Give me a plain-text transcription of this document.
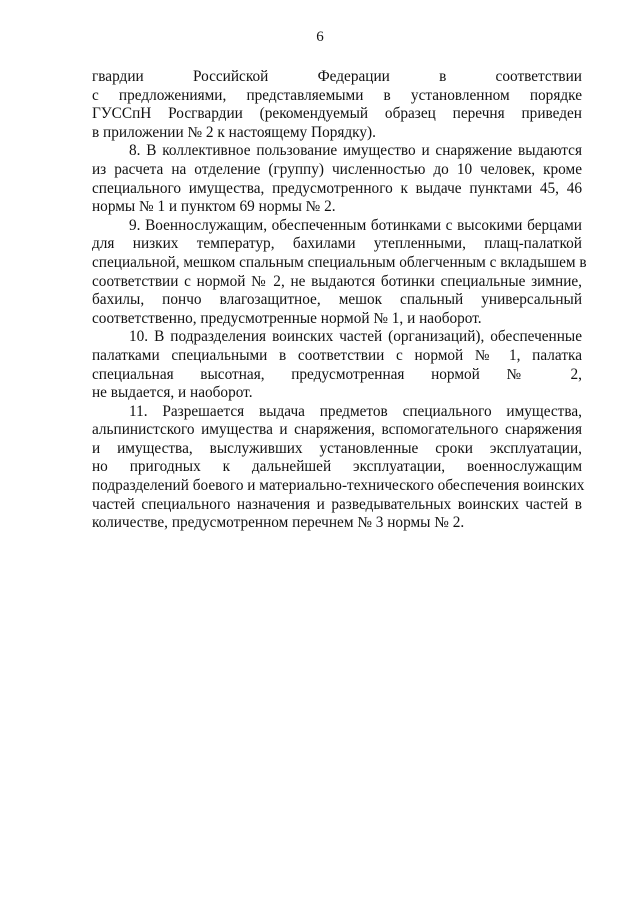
6
гвардии Российской Федерации в соответствии
с предложениями, представляемыми в установленном порядке
ГУССпН Росгвардии (рекомендуемый образец перечня приведен
в приложении № 2 к настоящему Порядку).
8. В коллективное пользование имущество и снаряжение выдаются
из расчета на отделение (группу) численностью до 10 человек, кроме
специального имущества, предусмотренного к выдаче пунктами 45, 46
нормы № 1 и пунктом 69 нормы № 2.
9. Военнослужащим, обеспеченным ботинками с высокими берцами
для низких температур, бахилами утепленными, плащ-палаткой
специальной, мешком спальным специальным облегченным с вкладышем в
соответствии с нормой № 2, не выдаются ботинки специальные зимние,
бахилы, пончо влагозащитное, мешок спальный универсальный
соответственно, предусмотренные нормой № 1, и наоборот.
10. В подразделения воинских частей (организаций), обеспеченные
палатками специальными в соответствии с нормой № 1, палатка
специальная высотная, предусмотренная нормой № 2,
не выдается, и наоборот.
11. Разрешается выдача предметов специального имущества,
альпинистского имущества и снаряжения, вспомогательного снаряжения
и имущества, выслуживших установленные сроки эксплуатации,
но пригодных к дальнейшей эксплуатации, военнослужащим
подразделений боевого и материально-технического обеспечения воинских
частей специального назначения и разведывательных воинских частей в
количестве, предусмотренном перечнем № 3 нормы № 2.
